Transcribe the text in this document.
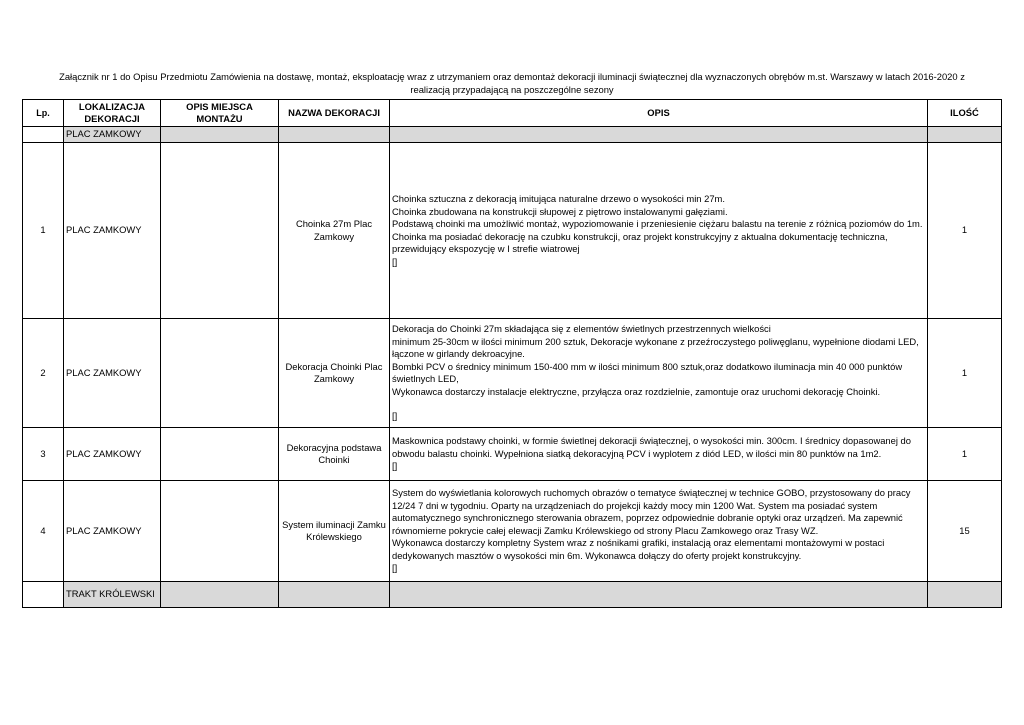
Załącznik nr 1 do Opisu Przedmiotu Zamówienia na dostawę, montaż, eksploatację wraz z utrzymaniem oraz demontaż dekoracji iluminacji świątecznej dla wyznaczonych obrębów m.st. Warszawy w latach 2016-2020 z
realizacją przypadającą na poszczególne sezony
Lp.	LOKALIZACJA DEKORACJI	OPIS MIEJSCA MONTAŻU	NAZWA DEKORACJI	OPIS	ILOŚĆ
	PLAC ZAMKOWY				
1	PLAC ZAMKOWY		Choinka 27m Plac Zamkowy	Choinka sztuczna z dekoracją imitująca naturalne drzewo o wysokości min 27m.
Choinka zbudowana na konstrukcji słupowej z piętrowo instalowanymi gałęziami.
Podstawą choinki ma umożliwić montaż, wypoziomowanie i przeniesienie ciężaru balastu na terenie z różnicą poziomów do 1m.
Choinka ma posiadać dekorację na czubku konstrukcji, oraz projekt konstrukcyjny z aktualna dokumentację techniczna, przewidujący ekspozycję w I strefie wiatrowej
[]	1
2	PLAC ZAMKOWY		Dekoracja Choinki Plac Zamkowy	Dekoracja do Choinki 27m składająca się z elementów świetlnych przestrzennych wielkości
minimum 25-30cm w ilości minimum 200 sztuk, Dekoracje wykonane z przeźroczystego poliwęglanu, wypełnione diodami LED, łączone w girlandy dekroacyjne.
Bombki PCV o średnicy minimum 150-400 mm w ilości minimum 800 sztuk,oraz dodatkowo iluminacja min 40 000 punktów świetlnych LED,
Wykonawca dostarczy instalacje elektryczne, przyłącza oraz rozdzielnie, zamontuje oraz uruchomi dekorację Choinki.
[]	1
3	PLAC ZAMKOWY		Dekoracyjna podstawa Choinki	Maskownica podstawy choinki, w formie świetlnej dekoracji świątecznej, o wysokości min. 300cm. I średnicy dopasowanej do obwodu balastu choinki. Wypełniona siatką dekoracyjną PCV i wyplotem z diód LED, w ilości min 80 punktów na 1m2.
[]	1
4	PLAC ZAMKOWY		System iluminacji Zamku Królewskiego	System do wyświetlania kolorowych ruchomych obrazów o tematyce świątecznej w technice GOBO, przystosowany do pracy 12/24 7 dni w tygodniu. Oparty na urządzeniach do projekcji każdy mocy min 1200 Wat. System ma posiadać system automatycznego synchronicznego sterowania obrazem, poprzez odpowiednie dobranie optyki oraz urządzeń. Ma zapewnić równomierne pokrycie całej elewacji Zamku Królewskiego od strony Placu Zamkowego oraz Trasy WZ.
Wykonawca dostarczy kompletny System wraz z nośnikami grafiki, instalacją oraz elementami montażowymi w postaci dedykowanych masztów o wysokości min 6m. Wykonawca dołączy do oferty projekt konstrukcyjny.
[]	15
	TRAKT KRÓLEWSKI				
